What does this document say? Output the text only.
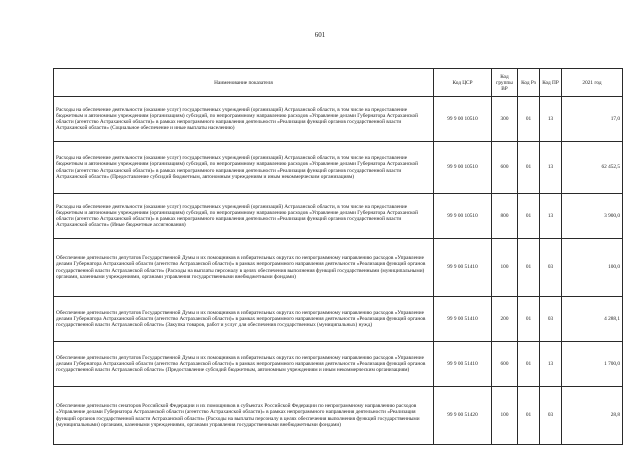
601
Наименование показателя	Код ЦСР	Код группы ВР	Код Рз	Код ПР	2021 год
Расходы на обеспечение деятельности (оказание услуг) государственных учреждений (организаций) Астраханской области, в том числе на предоставление бюджетным и автономным учреждениям (организациям) субсидий, по непрограммному направлению расходов «Управление делами Губернатора Астраханской области (агентство Астраханской области)» в рамках непрограммного направления деятельности «Реализация функций органов государственной власти Астраханской области» (Социальное обеспечение и иные выплаты населению)	99 9 00 10510	300	01	13	17,0
Расходы на обеспечение деятельности (оказание услуг) государственных учреждений (организаций) Астраханской области, в том числе на предоставление бюджетным и автономным учреждениям (организациям) субсидий, по непрограммному направлению расходов «Управление делами Губернатора Астраханской области (агентство Астраханской области)» в рамках непрограммного направления деятельности «Реализация функций органов государственной власти Астраханской области» (Предоставление субсидий бюджетным, автономным учреждениям и иным некоммерческим организациям)	99 9 00 10510	600	01	13	62 452,5
Расходы на обеспечение деятельности (оказание услуг) государственных учреждений (организаций) Астраханской области, в том числе на предоставление бюджетным и автономным учреждениям (организациям) субсидий, по непрограммному направлению расходов «Управление делами Губернатора Астраханской области (агентство Астраханской области)» в рамках непрограммного направления деятельности «Реализация функций органов государственной власти Астраханской области» (Иные бюджетные ассигнования)	99 9 00 10510	800	01	13	3 900,0
Обеспечение деятельности депутатов Государственной Думы и их помощников в избирательных округах по непрограммному направлению расходов «Управление делами Губернатора Астраханской области (агентство Астраханской области)» в рамках непрограммного направления деятельности «Реализация функций органов государственной власти Астраханской области» (Расходы на выплаты персоналу в целях обеспечения выполнения функций государственными (муниципальными) органами, казенными учреждениями, органами управления государственными внебюджетными фондами)	99 9 00 51410	100	01	03	100,0
Обеспечение деятельности депутатов Государственной Думы и их помощников в избирательных округах по непрограммному направлению расходов «Управление делами Губернатора Астраханской области (агентство Астраханской области)» в рамках непрограммного направления деятельности «Реализация функций органов государственной власти Астраханской области» (Закупка товаров, работ и услуг для обеспечения государственных (муниципальных) нужд)	99 9 00 51410	200	01	03	4 288,1
Обеспечение деятельности депутатов Государственной Думы и их помощников в избирательных округах по непрограммному направлению расходов «Управление делами Губернатора Астраханской области (агентство Астраханской области)» в рамках непрограммного направления деятельности «Реализация функций органов государственной власти Астраханской области» (Предоставление субсидий бюджетным, автономным учреждениям и иным некоммерческим организациям)	99 9 00 51410	600	01	13	1 700,0
Обеспечение деятельности сенаторов Российской Федерации и их помощников в субъектах Российской Федерации по непрограммному направлению расходов «Управление делами Губернатора Астраханской области (агентство Астраханской области)» в рамках непрограммного направления деятельности «Реализация функций органов государственной власти Астраханской области» (Расходы на выплаты персоналу в целях обеспечения выполнения функций государственными (муниципальными) органами, казенными учреждениями, органами управления государственными внебюджетными фондами)	99 9 00 51420	100	01	03	28,8
